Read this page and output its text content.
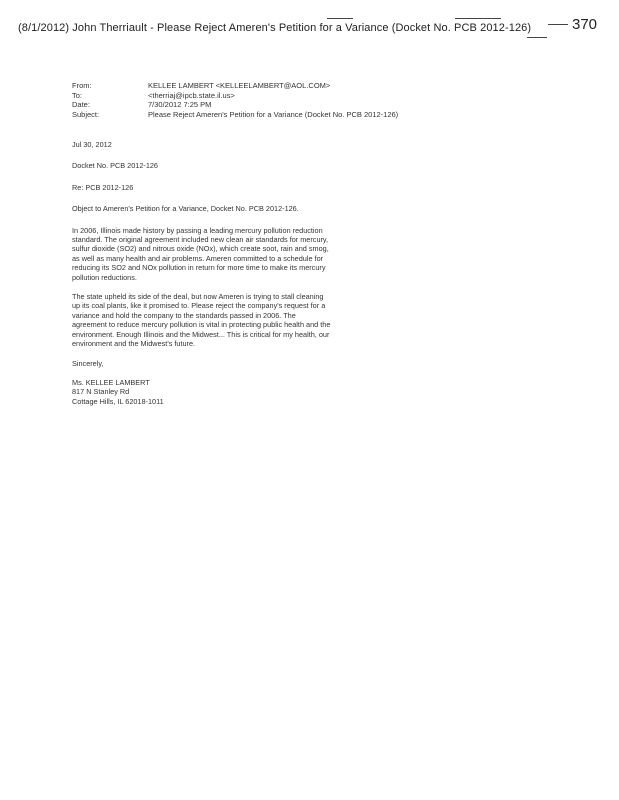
(8/1/2012) John Therriault - Please Reject Ameren's Petition for a Variance (Docket No. PCB 2012-126)	370
From:	KELLEE LAMBERT <KELLEELAMBERT@AOL.COM>
To:	<therriaj@ipcb.state.il.us>
Date:	7/30/2012 7:25 PM
Subject:	Please Reject Ameren's Petition for a Variance (Docket No. PCB 2012-126)

Jul 30, 2012

Docket No. PCB 2012-126

Re: PCB 2012-126

Object to Ameren's Petition for a Variance, Docket No. PCB 2012-126.

In 2006, Illinois made history by passing a leading mercury pollution reduction standard. The original agreement included new clean air standards for mercury, sulfur dioxide (SO2) and nitrous oxide (NOx), which create soot, rain and smog, as well as many health and air problems. Ameren committed to a schedule for reducing its SO2 and NOx pollution in return for more time to make its mercury pollution reductions.

The state upheld its side of the deal, but now Ameren is trying to stall cleaning up its coal plants, like it promised to. Please reject the company's request for a variance and hold the company to the standards passed in 2006. The agreement to reduce mercury pollution is vital in protecting public health and the environment. Enough Illinois and the Midwest... This is critical for my health, our environment and the Midwest's future.

Sincerely,

Ms. KELLEE LAMBERT

817 N Stanley Rd

Cottage Hills, IL 62018-1011
